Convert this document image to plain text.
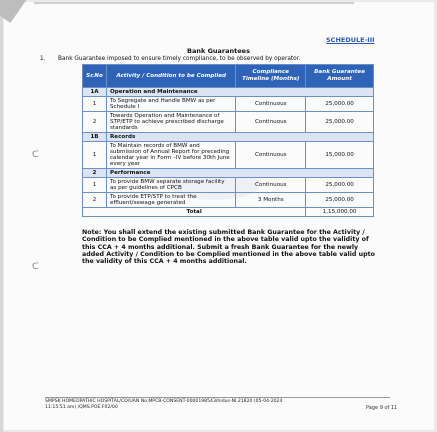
SCHEDULE-III
Bank Guarantees
1. Bank Guarantee imposed to ensure timely compliance, to be observed by operator.
Sr.No	Activity / Condition to be Complied	Compliance Timeline (Months)	Bank Guarantee Amount
1A	Operation and Maintenance		
1	To Segregate and Handle BMW as per Schedule I	Continuous	25,000.00
2	Towards Operation and Maintenance of STP/ETP to achieve prescribed discharge standards	Continuous	25,000.00
1B	Records		
1	To Maintain records of BMW and submission of Annual Report for preceding calendar year in Form –IV before 30th June every year	Continuous	15,000.00
2	Performance		
1	To provide BMW separate storage facility as per guidelines of CPCB	Continuous	25,000.00
2	To provide ETP/STP to treat the effluent/sewage generated	3 Months	25,000.00
Total			1,15,000.00
Note: You shall extend the existing submitted Bank Guarantee for the Activity / Condition to be Complied mentioned in the above table valid upto the validity of this CCA + 4 months additional. Submit a fresh Bank Guarantee for the newly added Activity / Condition to be Complied mentioned in the above table valid upto the validity of this CCA + 4 months additional.
ᑕ
ᑕ
SMPSK HOMEOPATHIC HOSPITAL/CO/UAN No.MPCB-CONSENT-0000198543/Indus-NI.21820 (05-04-2024
11:15:51 am) /QMS.POE.F02/00	Page 9 of 11
